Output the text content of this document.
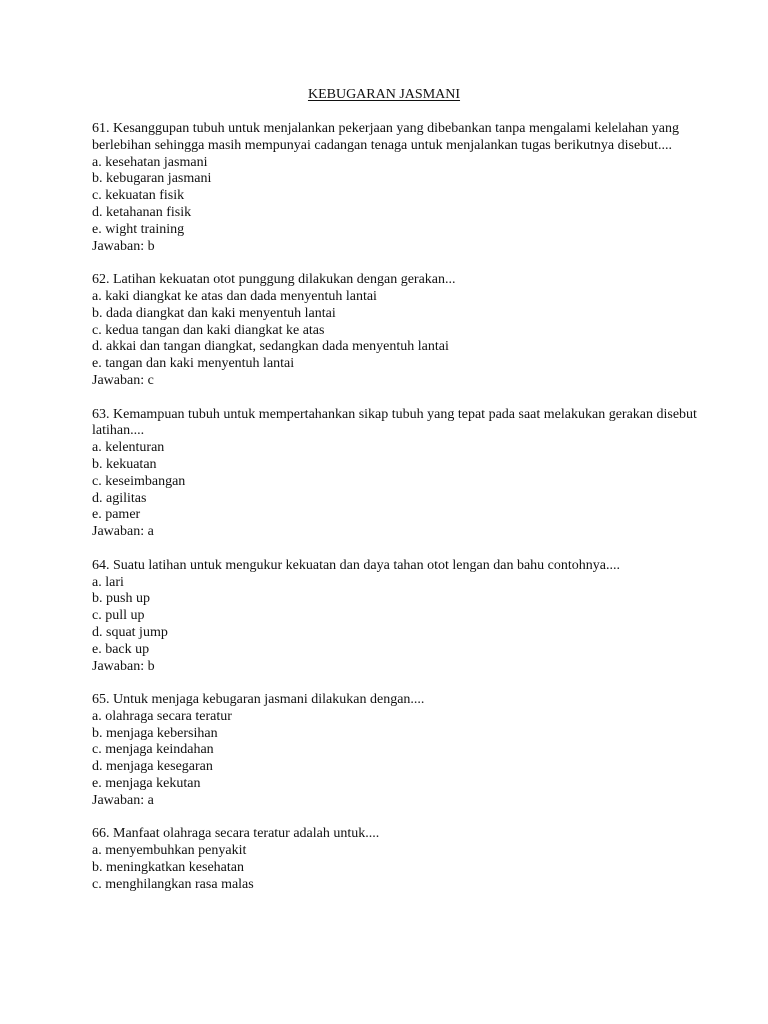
KEBUGARAN JASMANI

61. Kesanggupan tubuh untuk menjalankan pekerjaan yang dibebankan tanpa mengalami kelelahan yang berlebihan sehingga masih mempunyai cadangan tenaga untuk menjalankan tugas berikutnya disebut....

a. kesehatan jasmani

b. kebugaran jasmani

c. kekuatan fisik

d. ketahanan fisik

e. wight training

Jawaban: b

62. Latihan kekuatan otot punggung dilakukan dengan gerakan...

a. kaki diangkat ke atas dan dada menyentuh lantai

b. dada diangkat dan kaki menyentuh lantai

c. kedua tangan dan kaki diangkat ke atas

d. akkai dan tangan diangkat, sedangkan dada menyentuh lantai

e. tangan dan kaki menyentuh lantai

Jawaban: c

63. Kemampuan tubuh untuk mempertahankan sikap tubuh yang tepat pada saat melakukan gerakan disebut latihan....

a. kelenturan

b. kekuatan

c. keseimbangan

d. agilitas

e. pamer

Jawaban: a

64. Suatu latihan untuk mengukur kekuatan dan daya tahan otot lengan dan bahu contohnya....

a. lari

b. push up

c. pull up

d. squat jump

e. back up

Jawaban: b

65. Untuk menjaga kebugaran jasmani dilakukan dengan....

a. olahraga secara teratur

b. menjaga kebersihan

c. menjaga keindahan

d. menjaga kesegaran

e. menjaga kekutan

Jawaban: a

66. Manfaat olahraga secara teratur adalah untuk....

a. menyembuhkan penyakit

b. meningkatkan kesehatan

c. menghilangkan rasa malas
